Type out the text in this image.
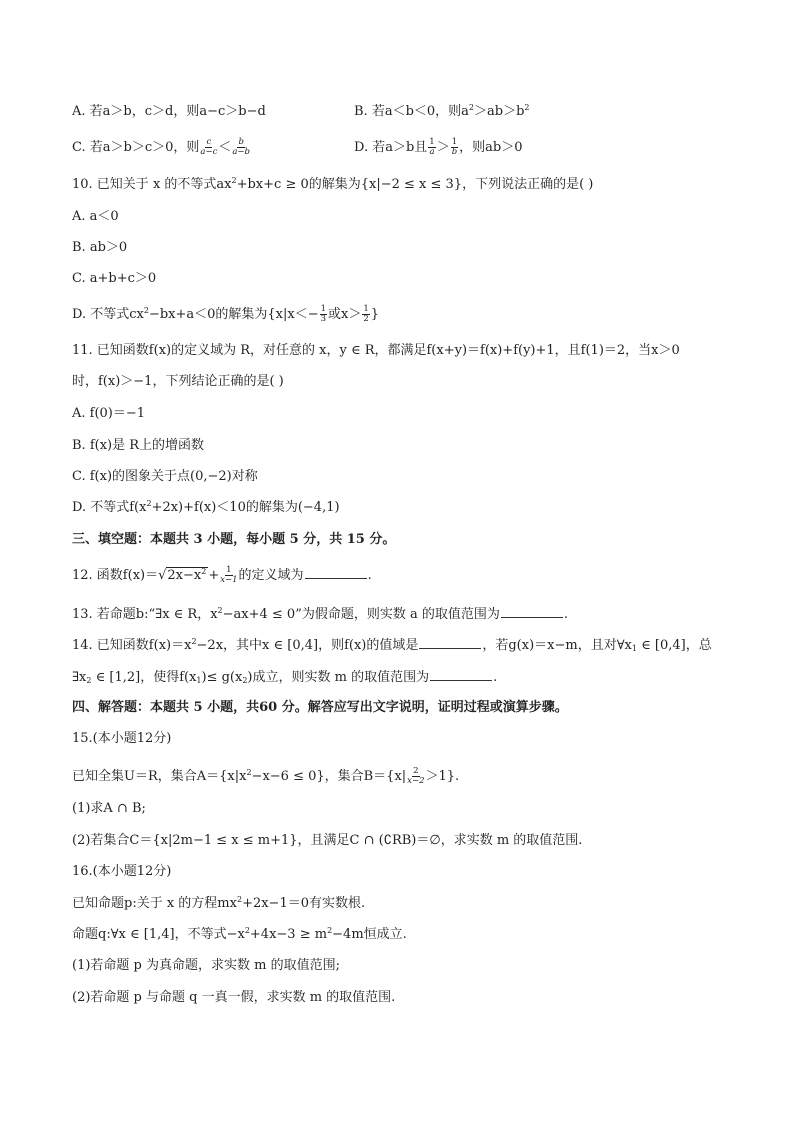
A. 若a＞b，c＞d，则a−c＞b−d	B. 若a＜b＜0，则$a^2>ab>b^2$
C. 若a＞b＞c＞0，则 $\frac{c}{a-c} < \frac{b}{a-b}$	D. 若a＞b且 $\frac{1}{a} > \frac{1}{b}$ ，则ab＞0
10. 已知关于 x 的不等式$ax^2+bx+c \ge 0$的解集为{x|−2 ≤ x ≤ 3}，下列说法正确的是( )
A. a＜0
B. ab＞0
C. a+b+c＞0
D. 不等式$cx^2-bx+a<0$的解集为{$x|x<- \frac{1}{3}$ 或$x> \frac{1}{2}$ }
11. 已知函数f(x)的定义域为 R，对任意的 x，y ∈ R，都满足f(x+y)＝f(x)+f(y)+1，且f(1)＝2，当x＞0
时，f(x)＞−1，下列结论正确的是( )
A. f(0)＝−1
B. f(x)是 R上的增函数
C. f(x)的图象关于点(0,−2)对称
D. 不等式$f(x^2+2x)+f(x)<10$的解集为(−4,1)
三、填空题：本题共 3 小题，每小题 5 分，共 15 分。
12. 函数$f(x)=√2x-x^2 + \frac{1}{x-1}$ 的定义域为	.
13. 若命题b:“∃x ∈ R，$x^2-ax+4 \le 0$”为假命题，则实数 a 的取值范围为	.
14. 已知函数$f(x)=x^2-2x$，其中x ∈ [0,4]，则f(x)的值域是	，若g(x)＝x−m，且对$\forall x_1$ ∈ [0,4]，总
$\exists x_2$ ∈ [1,2]，使得$f(x_1)\le g(x_2)$成立，则实数 m 的取值范围为	.
四、解答题：本题共 5 小题，共60 分。解答应写出文字说明，证明过程或演算步骤。
15.(本小题12分)
已知全集U＝R，集合$A=\{x|x^2-x-6 \le 0\}$，集合$B=\{x| \frac{2}{x-2} >1\}$.
(1)求A ∩ B;
(2)若集合C＝{x|2m−1 ≤ x ≤ m+1}，且满足C ∩ (∁RB)＝∅，求实数 m 的取值范围.
16.(本小题12分)
已知命题p:关于 x 的方程$mx^2+2x-1=0$有实数根.
命题q:∀x ∈ [1,4]，不等式$-x^2+4x-3 \ge m^2-4m$恒成立.
(1)若命题 p 为真命题，求实数 m 的取值范围;
(2)若命题 p 与命题 q 一真一假，求实数 m 的取值范围.
